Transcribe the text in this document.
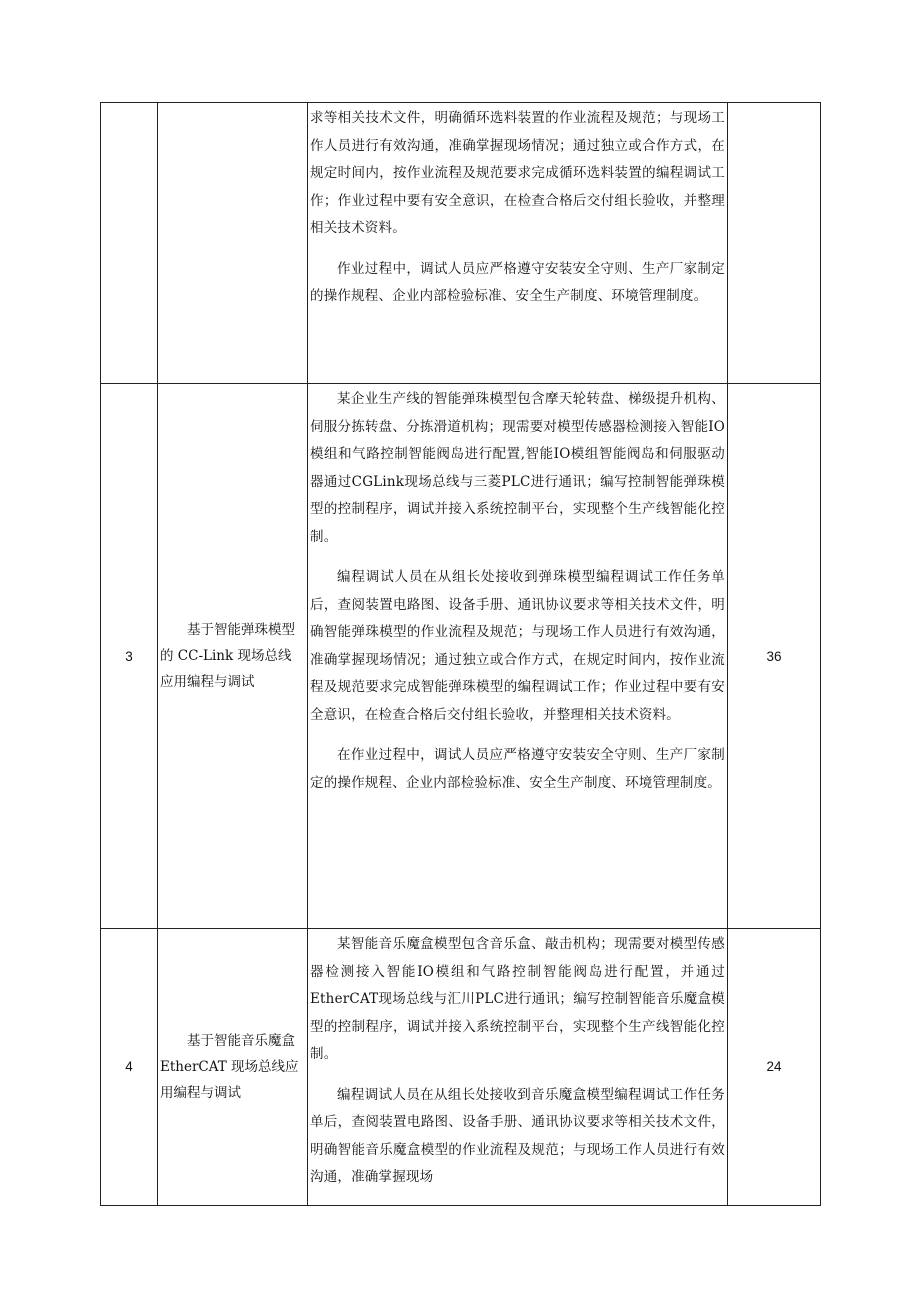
		求等相关技术文件，明确循环选料装置的作业流程及规范；与现场工作人员进行有效沟通，准确掌握现场情况；通过独立或合作方式，在规定时间内，按作业流程及规范要求完成循环选料装置的编程调试工作；作业过程中要有安全意识，在检查合格后交付组长验收，并整理相关技术资料。

作业过程中，调试人员应严格遵守安装安全守则、生产厂家制定的操作规程、企业内部检验标准、安全生产制度、环境管理制度。	

3	基于智能弹珠模型的 CC-Link 现场总线应用编程与调试	某企业生产线的智能弹珠模型包含摩天轮转盘、梯级提升机构、伺服分拣转盘、分拣滑道机构；现需要对模型传感器检测接入智能IO模组和气路控制智能阀岛进行配置,智能IO模组智能阀岛和伺服驱动器通过CGLink现场总线与三菱PLC进行通讯；编写控制智能弹珠模型的控制程序，调试并接入系统控制平台，实现整个生产线智能化控制。

编程调试人员在从组长处接收到弹珠模型编程调试工作任务单后，查阅装置电路图、设备手册、通讯协议要求等相关技术文件，明确智能弹珠模型的作业流程及规范；与现场工作人员进行有效沟通，准确掌握现场情况；通过独立或合作方式，在规定时间内，按作业流程及规范要求完成智能弹珠模型的编程调试工作；作业过程中要有安全意识，在检查合格后交付组长验收，并整理相关技术资料。

在作业过程中，调试人员应严格遵守安装安全守则、生产厂家制定的操作规程、企业内部检验标准、安全生产制度、环境管理制度。	36
4	基于智能音乐魔盒 EtherCAT 现场总线应用编程与调试	某智能音乐魔盒模型包含音乐盒、敲击机构；现需要对模型传感器检测接入智能IO模组和气路控制智能阀岛进行配置，并通过EtherCAT现场总线与汇川PLC进行通讯；编写控制智能音乐魔盒模型的控制程序，调试并接入系统控制平台，实现整个生产线智能化控制。

编程调试人员在从组长处接收到音乐魔盒模型编程调试工作任务单后，查阅装置电路图、设备手册、通讯协议要求等相关技术文件，明确智能音乐魔盒模型的作业流程及规范；与现场工作人员进行有效沟通，准确掌握现场	24
